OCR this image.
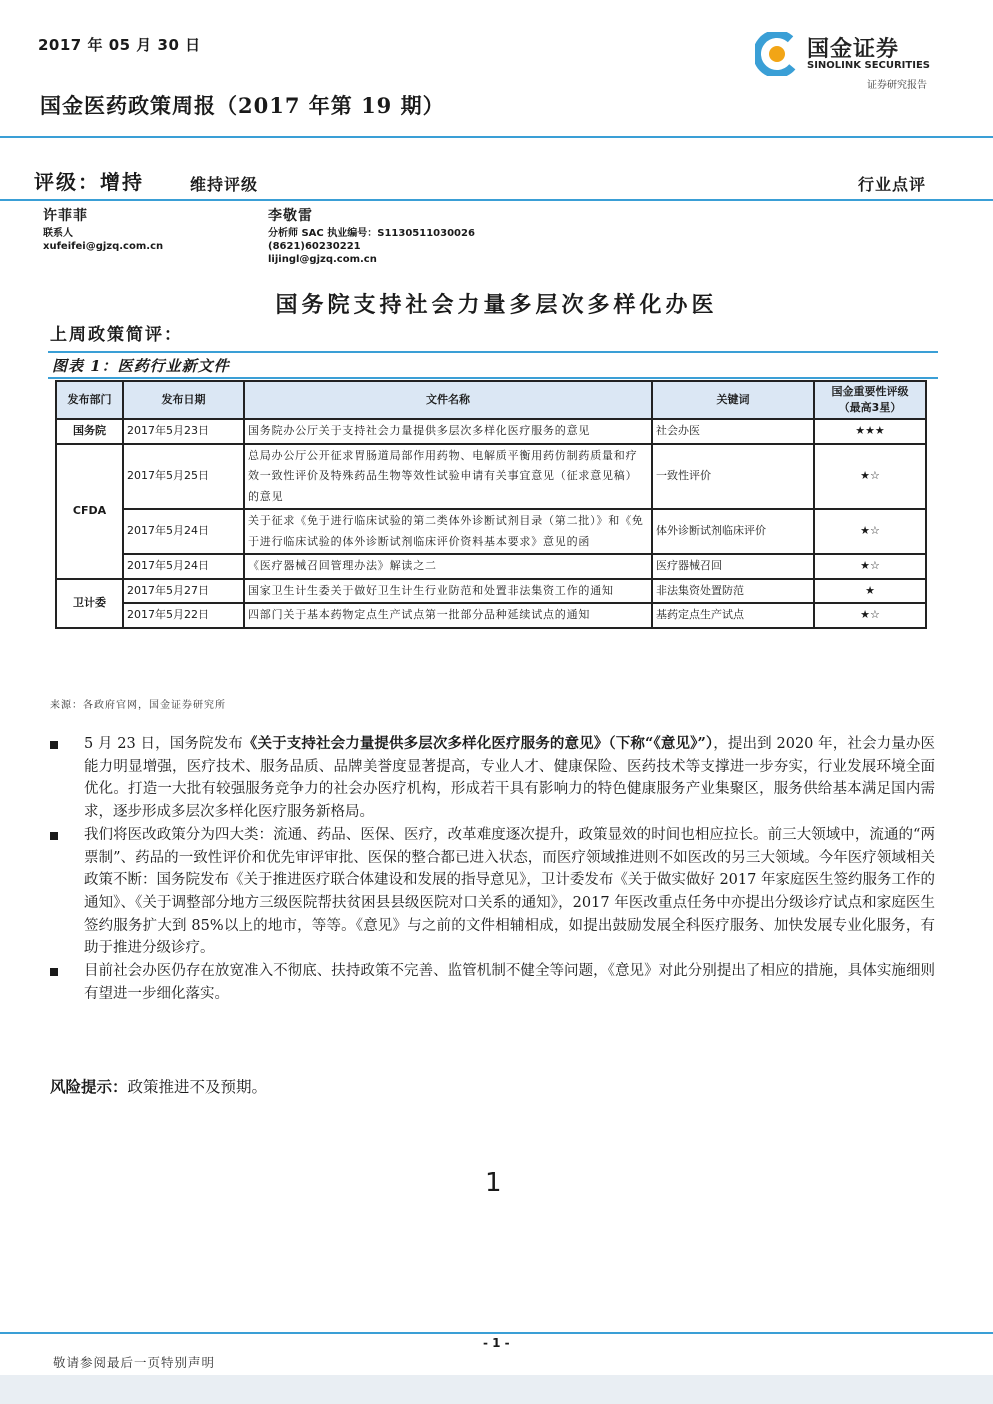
2017 年 05 月 30 日	国金证券
SINOLINK SECURITIES
证券研究报告
国金医药政策周报（2017 年第 19 期）
评级：增持	维持评级	行业点评
许菲菲
联系人
xufeifei@gjzq.com.cn
李敬雷
分析师 SAC 执业编号：S1130511030026
(8621)60230221
lijingl@gjzq.com.cn
国务院支持社会力量多层次多样化办医
上周政策简评：
图表 1：医药行业新文件
发布部门	发布日期	文件名称	关键词	国金重要性评级
（最高3星）
国务院	2017年5月23日	国务院办公厅关于支持社会力量提供多层次多样化医疗服务的意见	社会办医	★★★
CFDA	2017年5月25日	总局办公厅公开征求胃肠道局部作用药物、电解质平衡用药仿制药质量和疗效一致性评价及特殊药品生物等效性试验申请有关事宜意见（征求意见稿）的意见	一致性评价	★☆
	2017年5月24日	关于征求《免于进行临床试验的第二类体外诊断试剂目录（第二批）》和《免于进行临床试验的体外诊断试剂临床评价资料基本要求》意见的函	体外诊断试剂临床评价	★☆
	2017年5月24日	《医疗器械召回管理办法》解读之二	医疗器械召回	★☆
卫计委	2017年5月27日	国家卫生计生委关于做好卫生计生行业防范和处置非法集资工作的通知	非法集资处置防范	★
	2017年5月22日	四部门关于基本药物定点生产试点第一批部分品种延续试点的通知	基药定点生产试点	★☆
来源：各政府官网，国金证券研究所
5 月 23 日，国务院发布《关于支持社会力量提供多层次多样化医疗服务的意见》（下称“《意见》”），提出到 2020 年，社会力量办医能力明显增强，医疗技术、服务品质、品牌美誉度显著提高，专业人才、健康保险、医药技术等支撑进一步夯实，行业发展环境全面优化。打造一大批有较强服务竞争力的社会办医疗机构，形成若干具有影响力的特色健康服务产业集聚区，服务供给基本满足国内需求，逐步形成多层次多样化医疗服务新格局。
我们将医改政策分为四大类：流通、药品、医保、医疗，改革难度逐次提升，政策显效的时间也相应拉长。前三大领域中，流通的“两票制”、药品的一致性评价和优先审评审批、医保的整合都已进入状态，而医疗领域推进则不如医改的另三大领域。今年医疗领域相关政策不断：国务院发布《关于推进医疗联合体建设和发展的指导意见》，卫计委发布《关于做实做好 2017 年家庭医生签约服务工作的通知》、《关于调整部分地方三级医院帮扶贫困县县级医院对口关系的通知》，2017 年医改重点任务中亦提出分级诊疗试点和家庭医生签约服务扩大到 85%以上的地市，等等。《意见》与之前的文件相辅相成，如提出鼓励发展全科医疗服务、加快发展专业化服务，有助于推进分级诊疗。
目前社会办医仍存在放宽准入不彻底、扶持政策不完善、监管机制不健全等问题，《意见》对此分别提出了相应的措施，具体实施细则有望进一步细化落实。
风险提示：政策推进不及预期。
1
- 1 -
敬请参阅最后一页特别声明
